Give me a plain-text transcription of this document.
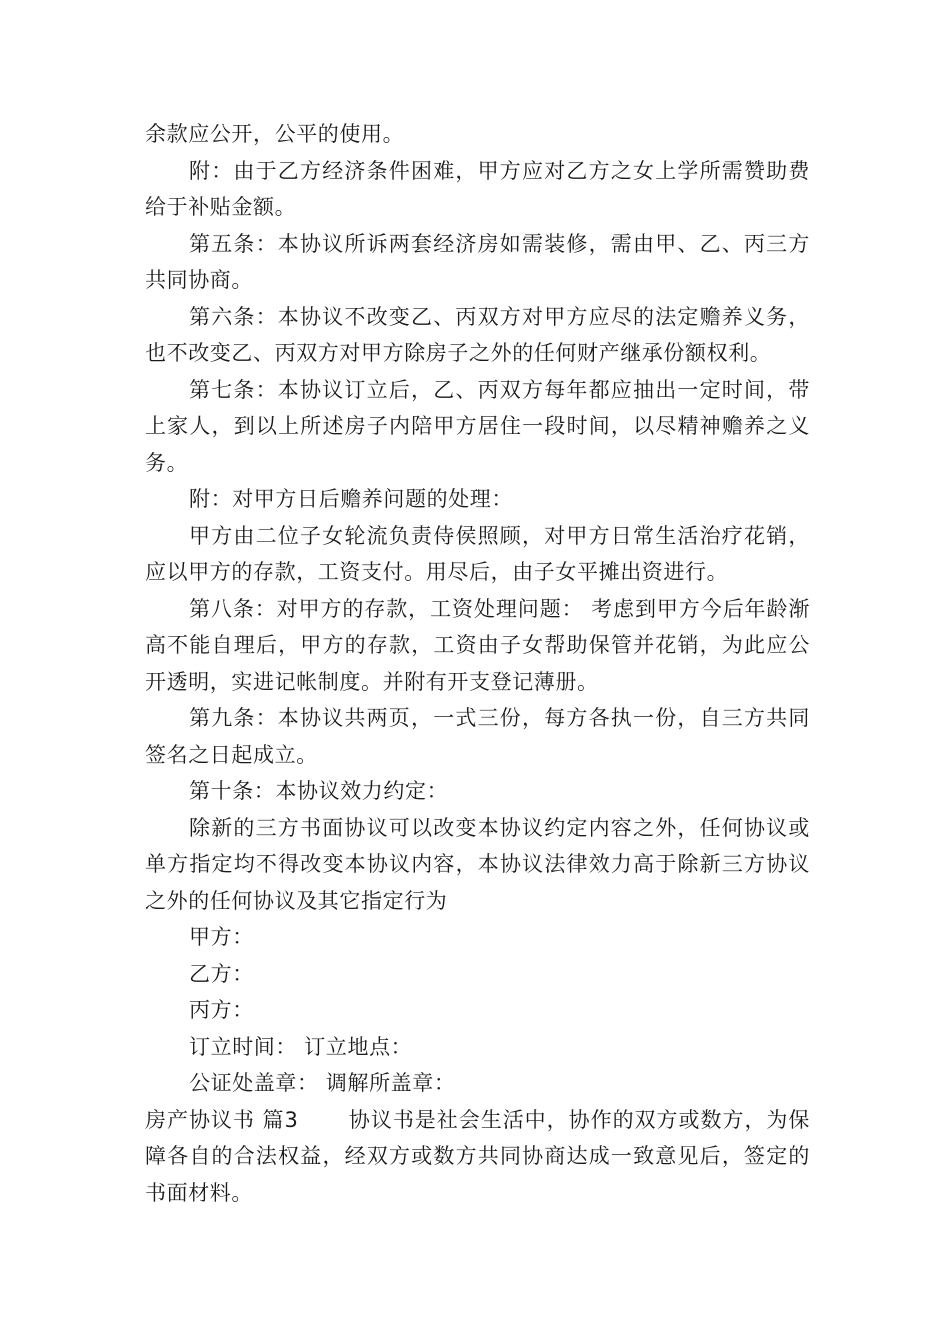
余款应公开，公平的使用。

附：由于乙方经济条件困难，甲方应对乙方之女上学所需赞助费给于补贴金额。

第五条：本协议所诉两套经济房如需装修，需由甲、乙、丙三方共同协商。

第六条：本协议不改变乙、丙双方对甲方应尽的法定赡养义务，也不改变乙、丙双方对甲方除房子之外的任何财产继承份额权利。

第七条：本协议订立后，乙、丙双方每年都应抽出一定时间，带上家人，到以上所述房子内陪甲方居住一段时间，以尽精神赡养之义务。

附：对甲方日后赡养问题的处理：

甲方由二位子女轮流负责侍侯照顾，对甲方日常生活治疗花销，应以甲方的存款，工资支付。用尽后，由子女平摊出资进行。

第八条：对甲方的存款，工资处理问题： 考虑到甲方今后年龄渐高不能自理后，甲方的存款，工资由子女帮助保管并花销，为此应公开透明，实进记帐制度。并附有开支登记薄册。

第九条：本协议共两页，一式三份，每方各执一份，自三方共同签名之日起成立。

第十条：本协议效力约定：

除新的三方书面协议可以改变本协议约定内容之外，任何协议或单方指定均不得改变本协议内容，本协议法律效力高于除新三方协议之外的任何协议及其它指定行为

甲方：

乙方：

丙方：

订立时间： 订立地点：

公证处盖章： 调解所盖章：

房产协议书 篇3 协议书是社会生活中，协作的双方或数方，为保障各自的合法权益，经双方或数方共同协商达成一致意见后，签定的书面材料。
